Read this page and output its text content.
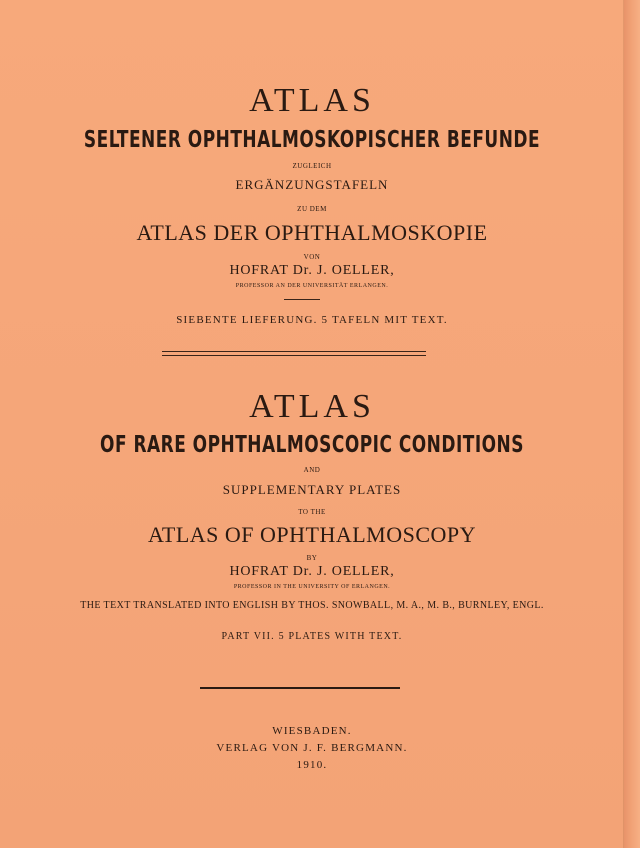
ATLAS
SELTENER OPHTHALMOSKOPISCHER BEFUNDE
ZUGLEICH
ERGÄNZUNGSTAFELN
ZU DEM
ATLAS DER OPHTHALMOSKOPIE
VON
HOFRAT Dr. J. OELLER,
PROFESSOR AN DER UNIVERSITÄT ERLANGEN.
SIEBENTE LIEFERUNG. 5 TAFELN MIT TEXT.
ATLAS
OF RARE OPHTHALMOSCOPIC CONDITIONS
AND
SUPPLEMENTARY PLATES
TO THE
ATLAS OF OPHTHALMOSCOPY
BY
HOFRAT Dr. J. OELLER,
PROFESSOR IN THE UNIVERSITY OF ERLANGEN.
THE TEXT TRANSLATED INTO ENGLISH BY THOS. SNOWBALL, M. A., M. B., BURNLEY, ENGL.
PART VII. 5 PLATES WITH TEXT.
WIESBADEN.
VERLAG VON J. F. BERGMANN.
1910.
